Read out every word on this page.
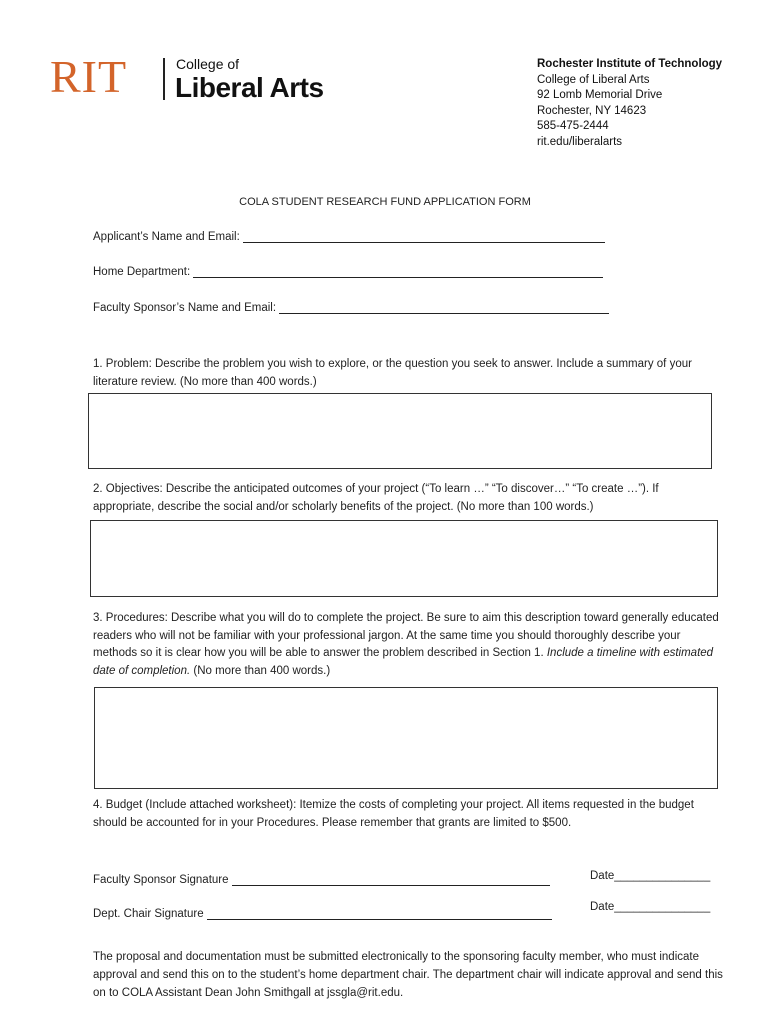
RIT	College of
Liberal Arts
Rochester Institute of Technology
College of Liberal Arts
92 Lomb Memorial Drive
Rochester, NY 14623
585-475-2444
rit.edu/liberalarts
COLA STUDENT RESEARCH FUND APPLICATION FORM
Applicant’s Name and Email:
Home Department:
Faculty Sponsor’s Name and Email:
1. Problem: Describe the problem you wish to explore, or the question you seek to answer. Include a summary of your literature review. (No more than 400 words.)
2. Objectives: Describe the anticipated outcomes of your project (“To learn …” “To discover…” “To create …”). If appropriate, describe the social and/or scholarly benefits of the project. (No more than 100 words.)
3. Procedures: Describe what you will do to complete the project. Be sure to aim this description toward generally educated readers who will not be familiar with your professional jargon. At the same time you should thoroughly describe your methods so it is clear how you will be able to answer the problem described in Section 1. Include a timeline with estimated date of completion. (No more than 400 words.)
4. Budget (Include attached worksheet): Itemize the costs of completing your project. All items requested in the budget should be accounted for in your Procedures. Please remember that grants are limited to $500.
Faculty Sponsor Signature	Date_______________
Dept. Chair Signature
Date_______________
The proposal and documentation must be submitted electronically to the sponsoring faculty member, who must indicate approval and send this on to the student’s home department chair. The department chair will indicate approval and send this on to COLA Assistant Dean John Smithgall at jssgla@rit.edu.
